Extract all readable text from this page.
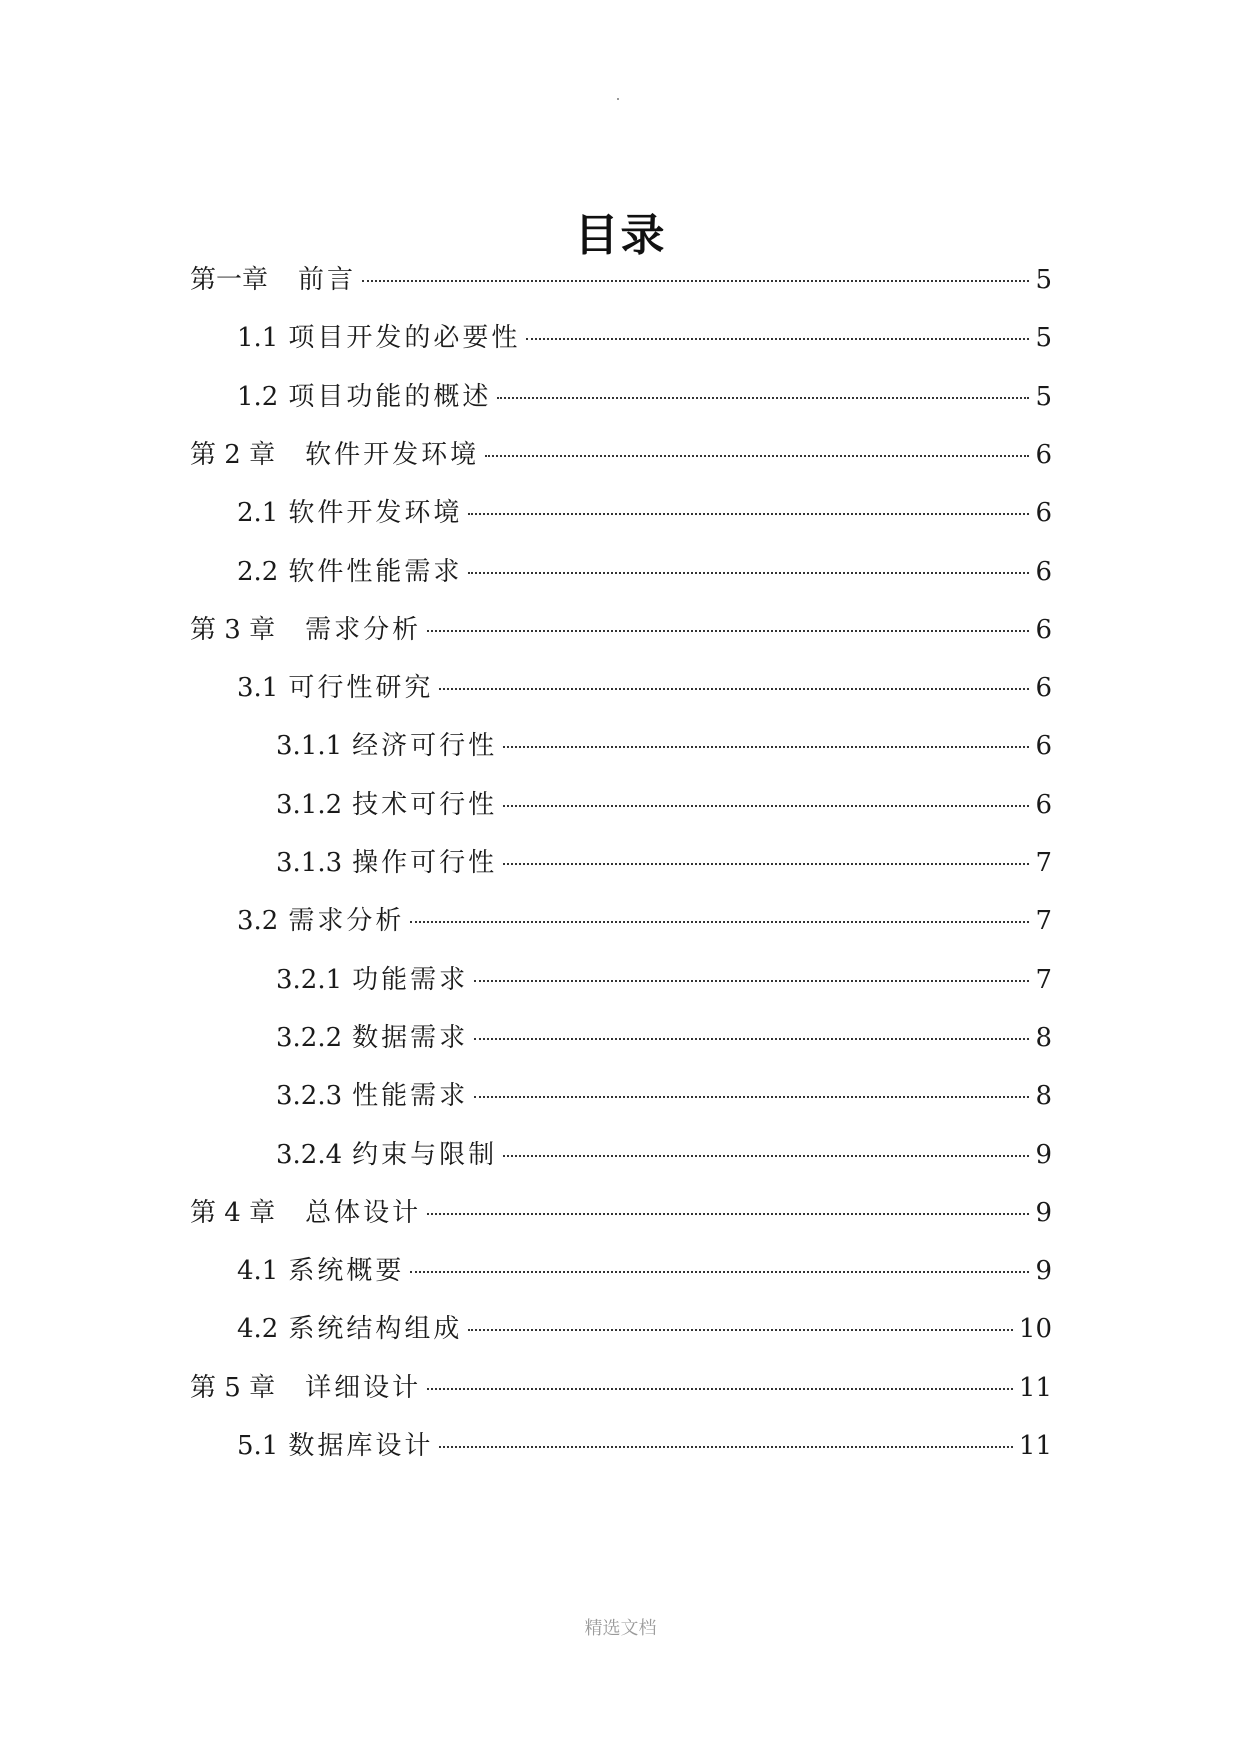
目录
第一章 前言	5
1.1 项目开发的必要性	5
1.2 项目功能的概述	5
第 2 章 软件开发环境	6
2.1 软件开发环境	6
2.2 软件性能需求	6
第 3 章 需求分析	6
3.1 可行性研究	6
3.1.1 经济可行性	6
3.1.2 技术可行性	6
3.1.3 操作可行性	7
3.2 需求分析	7
3.2.1 功能需求	7
3.2.2 数据需求	8
3.2.3 性能需求	8
3.2.4 约束与限制	9
第 4 章 总体设计	9
4.1 系统概要	9
4.2 系统结构组成	10
第 5 章 详细设计	11
5.1 数据库设计	11
精选文档
